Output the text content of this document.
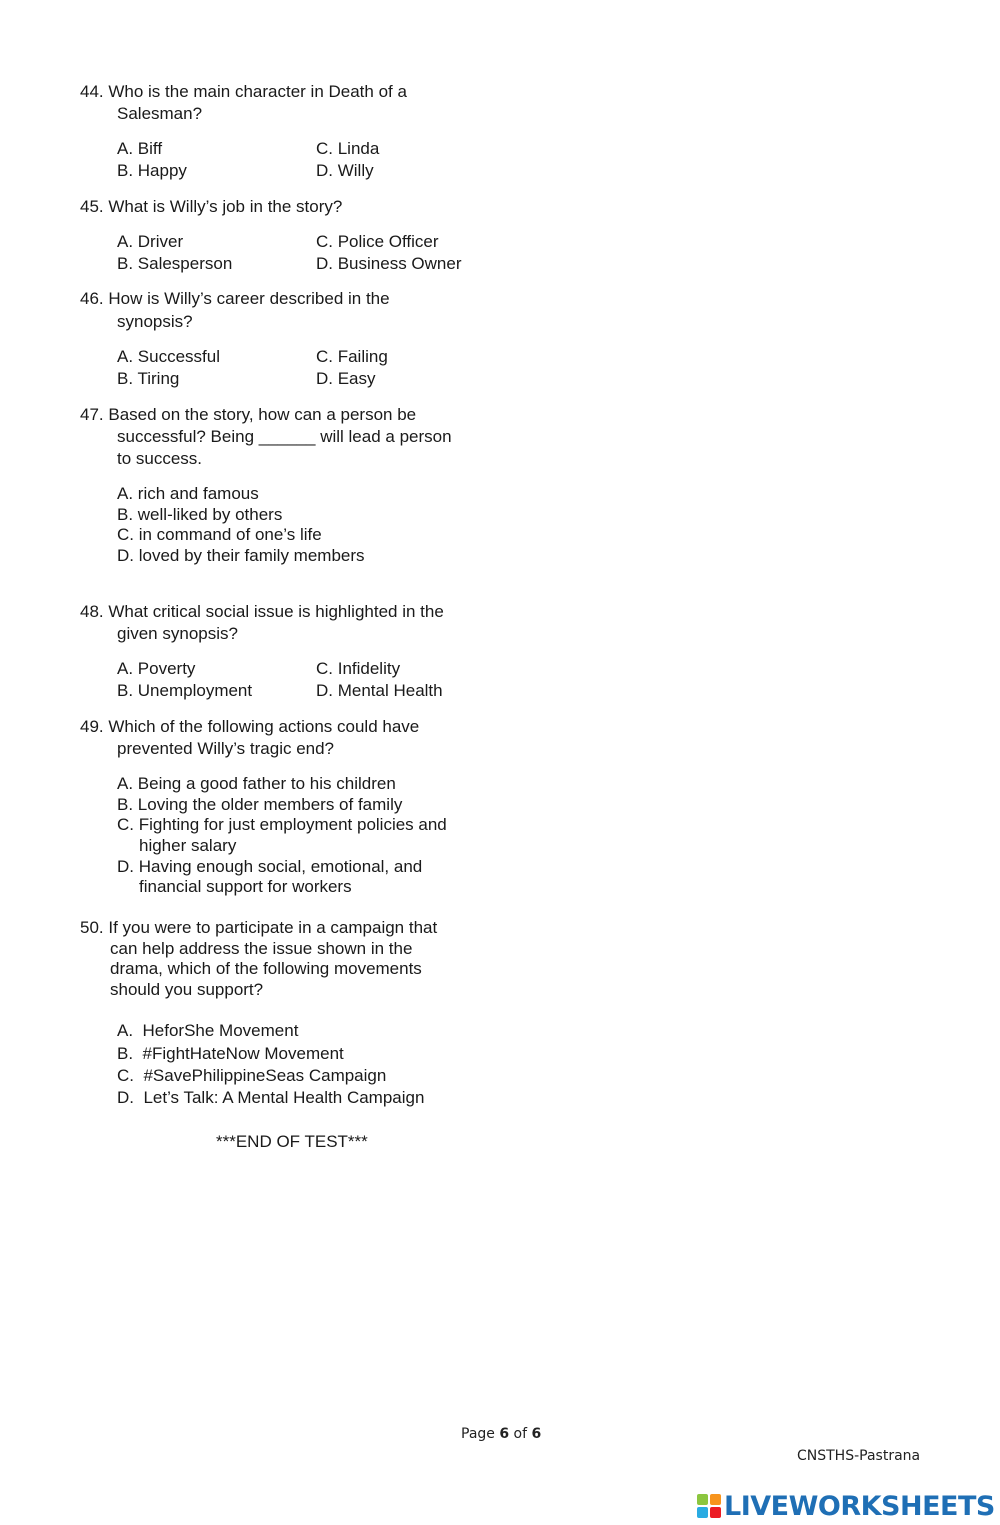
44. Who is the main character in Death of a
Salesman?
A. Biff
B. Happy
C. Linda
D. Willy
45. What is Willy’s job in the story?
A. Driver
B. Salesperson
C. Police Officer
D. Business Owner
46. How is Willy’s career described in the
synopsis?
A. Successful
B. Tiring
C. Failing
D. Easy
47. Based on the story, how can a person be
successful? Being ______ will lead a person
to success.
A. rich and famous
B. well-liked by others
C. in command of one’s life
D. loved by their family members
48. What critical social issue is highlighted in the
given synopsis?
A. Poverty
B. Unemployment
C. Infidelity
D. Mental Health
49. Which of the following actions could have
prevented Willy’s tragic end?
A. Being a good father to his children
B. Loving the older members of family
C. Fighting for just employment policies and
higher salary
D. Having enough social, emotional, and
financial support for workers
50. If you were to participate in a campaign that
can help address the issue shown in the
drama, which of the following movements
should you support?
A.  HeforShe Movement
B.  #FightHateNow Movement
C.  #SavePhilippineSeas Campaign
D.  Let’s Talk: A Mental Health Campaign
***END OF TEST***
Page 6 of 6
CNSTHS-Pastrana
LIVEWORKSHEETS
